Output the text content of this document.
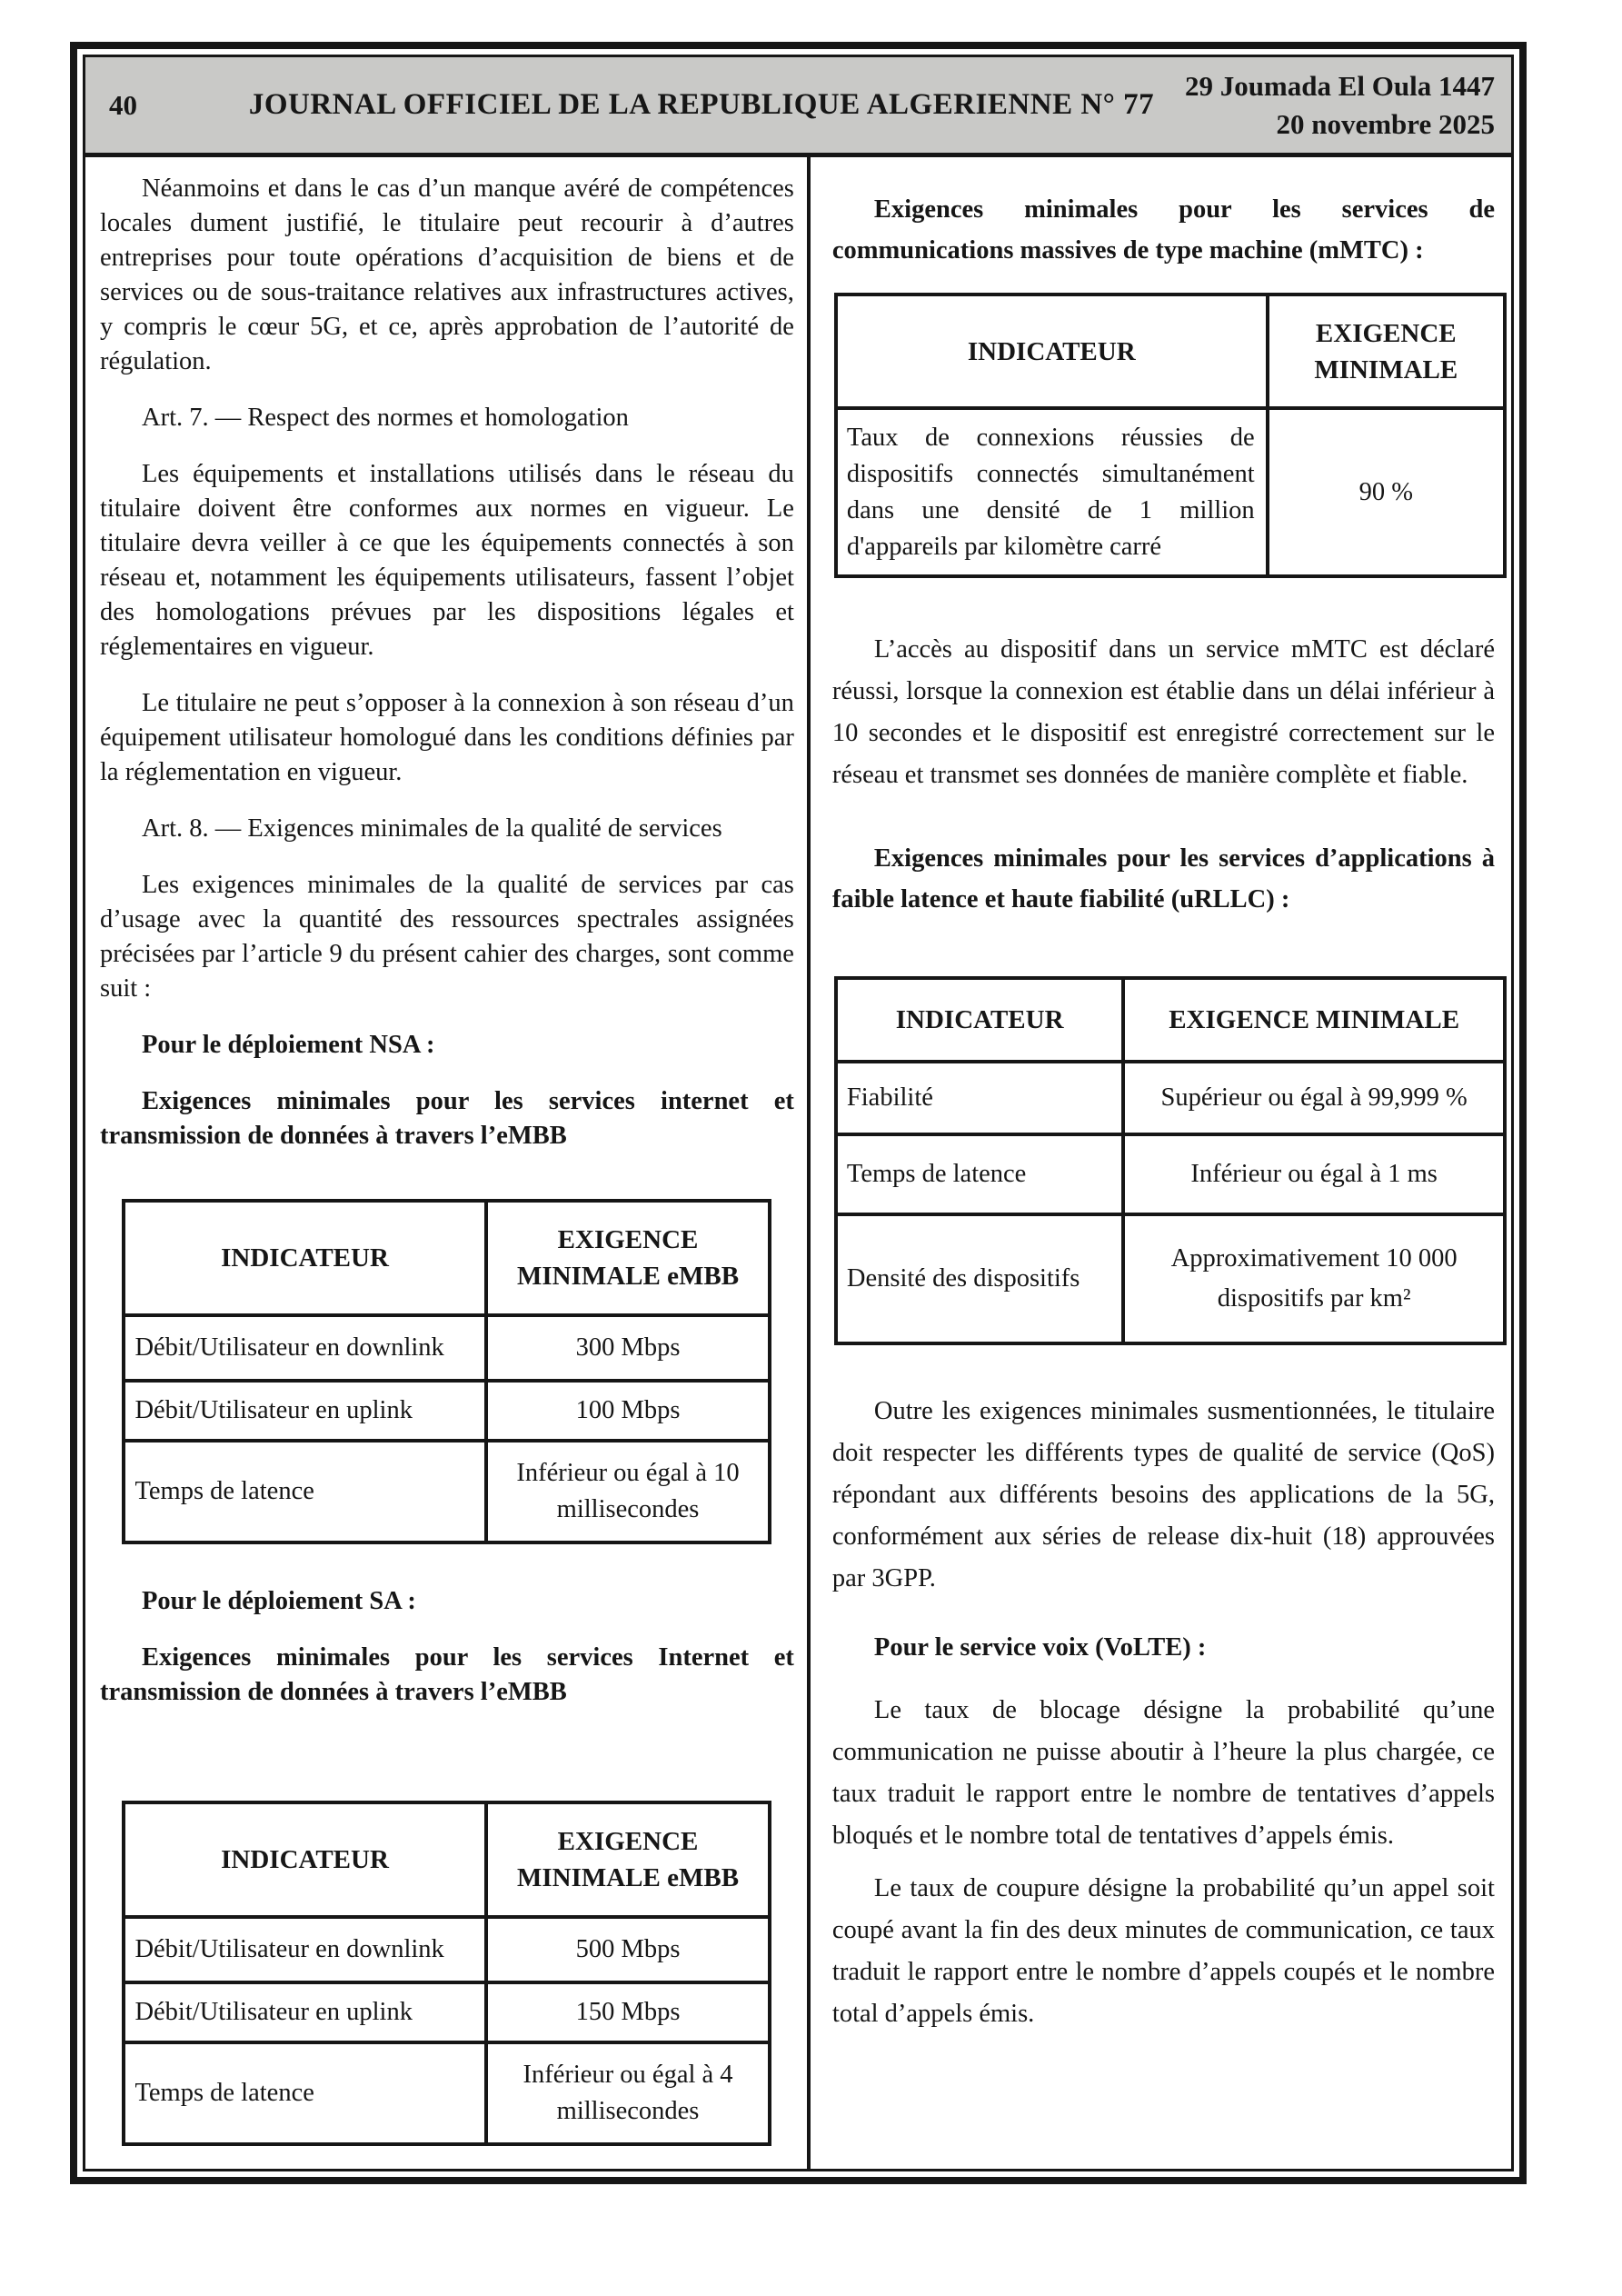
40	JOURNAL OFFICIEL DE LA REPUBLIQUE ALGERIENNE N° 77
29 Joumada El Oula 1447
20 novembre 2025

Néanmoins et dans le cas d’un manque avéré de compétences locales dument justifié, le titulaire peut recourir à d’autres entreprises pour toute opérations d’acquisition de biens et de services ou de sous-traitance relatives aux infrastructures actives, y compris le cœur 5G, et ce, après approbation de l’autorité de régulation.

Art. 7. — Respect des normes et homologation

Les équipements et installations utilisés dans le réseau du titulaire doivent être conformes aux normes en vigueur. Le titulaire devra veiller à ce que les équipements connectés à son réseau et, notamment les équipements utilisateurs, fassent l’objet des homologations prévues par les dispositions légales et réglementaires en vigueur.

Le titulaire ne peut s’opposer à la connexion à son réseau d’un équipement utilisateur homologué dans les conditions définies par la réglementation en vigueur.

Art. 8. — Exigences minimales de la qualité de services

Les exigences minimales de la qualité de services par cas d’usage avec la quantité des ressources spectrales assignées précisées par l’article 9 du présent cahier des charges, sont comme suit :

Pour le déploiement NSA :

Exigences minimales pour les services internet et transmission de données à travers l’eMBB

INDICATEUR	EXIGENCE MINIMALE eMBB
Débit/Utilisateur en downlink	300 Mbps
Débit/Utilisateur en uplink	100 Mbps
Temps de latence	Inférieur ou égal à 10 millisecondes

Pour le déploiement SA :

Exigences minimales pour les services Internet et transmission de données à travers l’eMBB

INDICATEUR	EXIGENCE MINIMALE eMBB
Débit/Utilisateur en downlink	500 Mbps
Débit/Utilisateur en uplink	150 Mbps
Temps de latence	Inférieur ou égal à 4 millisecondes

Exigences minimales pour les services de communications massives de type machine (mMTC) :

INDICATEUR	EXIGENCE MINIMALE
Taux de connexions réussies de dispositifs connectés simultanément dans une densité de 1 million d'appareils par kilomètre carré	90 %

L’accès au dispositif dans un service mMTC est déclaré réussi, lorsque la connexion est établie dans un délai inférieur à 10 secondes et le dispositif est enregistré correctement sur le réseau et transmet ses données de manière complète et fiable.

Exigences minimales pour les services d’applications à faible latence et haute fiabilité (uRLLC) :

INDICATEUR	EXIGENCE MINIMALE
Fiabilité	Supérieur ou égal à 99,999 %
Temps de latence	Inférieur ou égal à 1 ms
Densité des dispositifs	Approximativement 10 000 dispositifs par km²

Outre les exigences minimales susmentionnées, le titulaire doit respecter les différents types de qualité de service (QoS) répondant aux différents besoins des applications de la 5G, conformément aux séries de release dix-huit (18) approuvées par 3GPP.

Pour le service voix (VoLTE) :

Le taux de blocage désigne la probabilité qu’une communication ne puisse aboutir à l’heure la plus chargée, ce taux traduit le rapport entre le nombre de tentatives d’appels bloqués et le nombre total de tentatives d’appels émis.

Le taux de coupure désigne la probabilité qu’un appel soit coupé avant la fin des deux minutes de communication, ce taux traduit le rapport entre le nombre d’appels coupés et le nombre total d’appels émis.
